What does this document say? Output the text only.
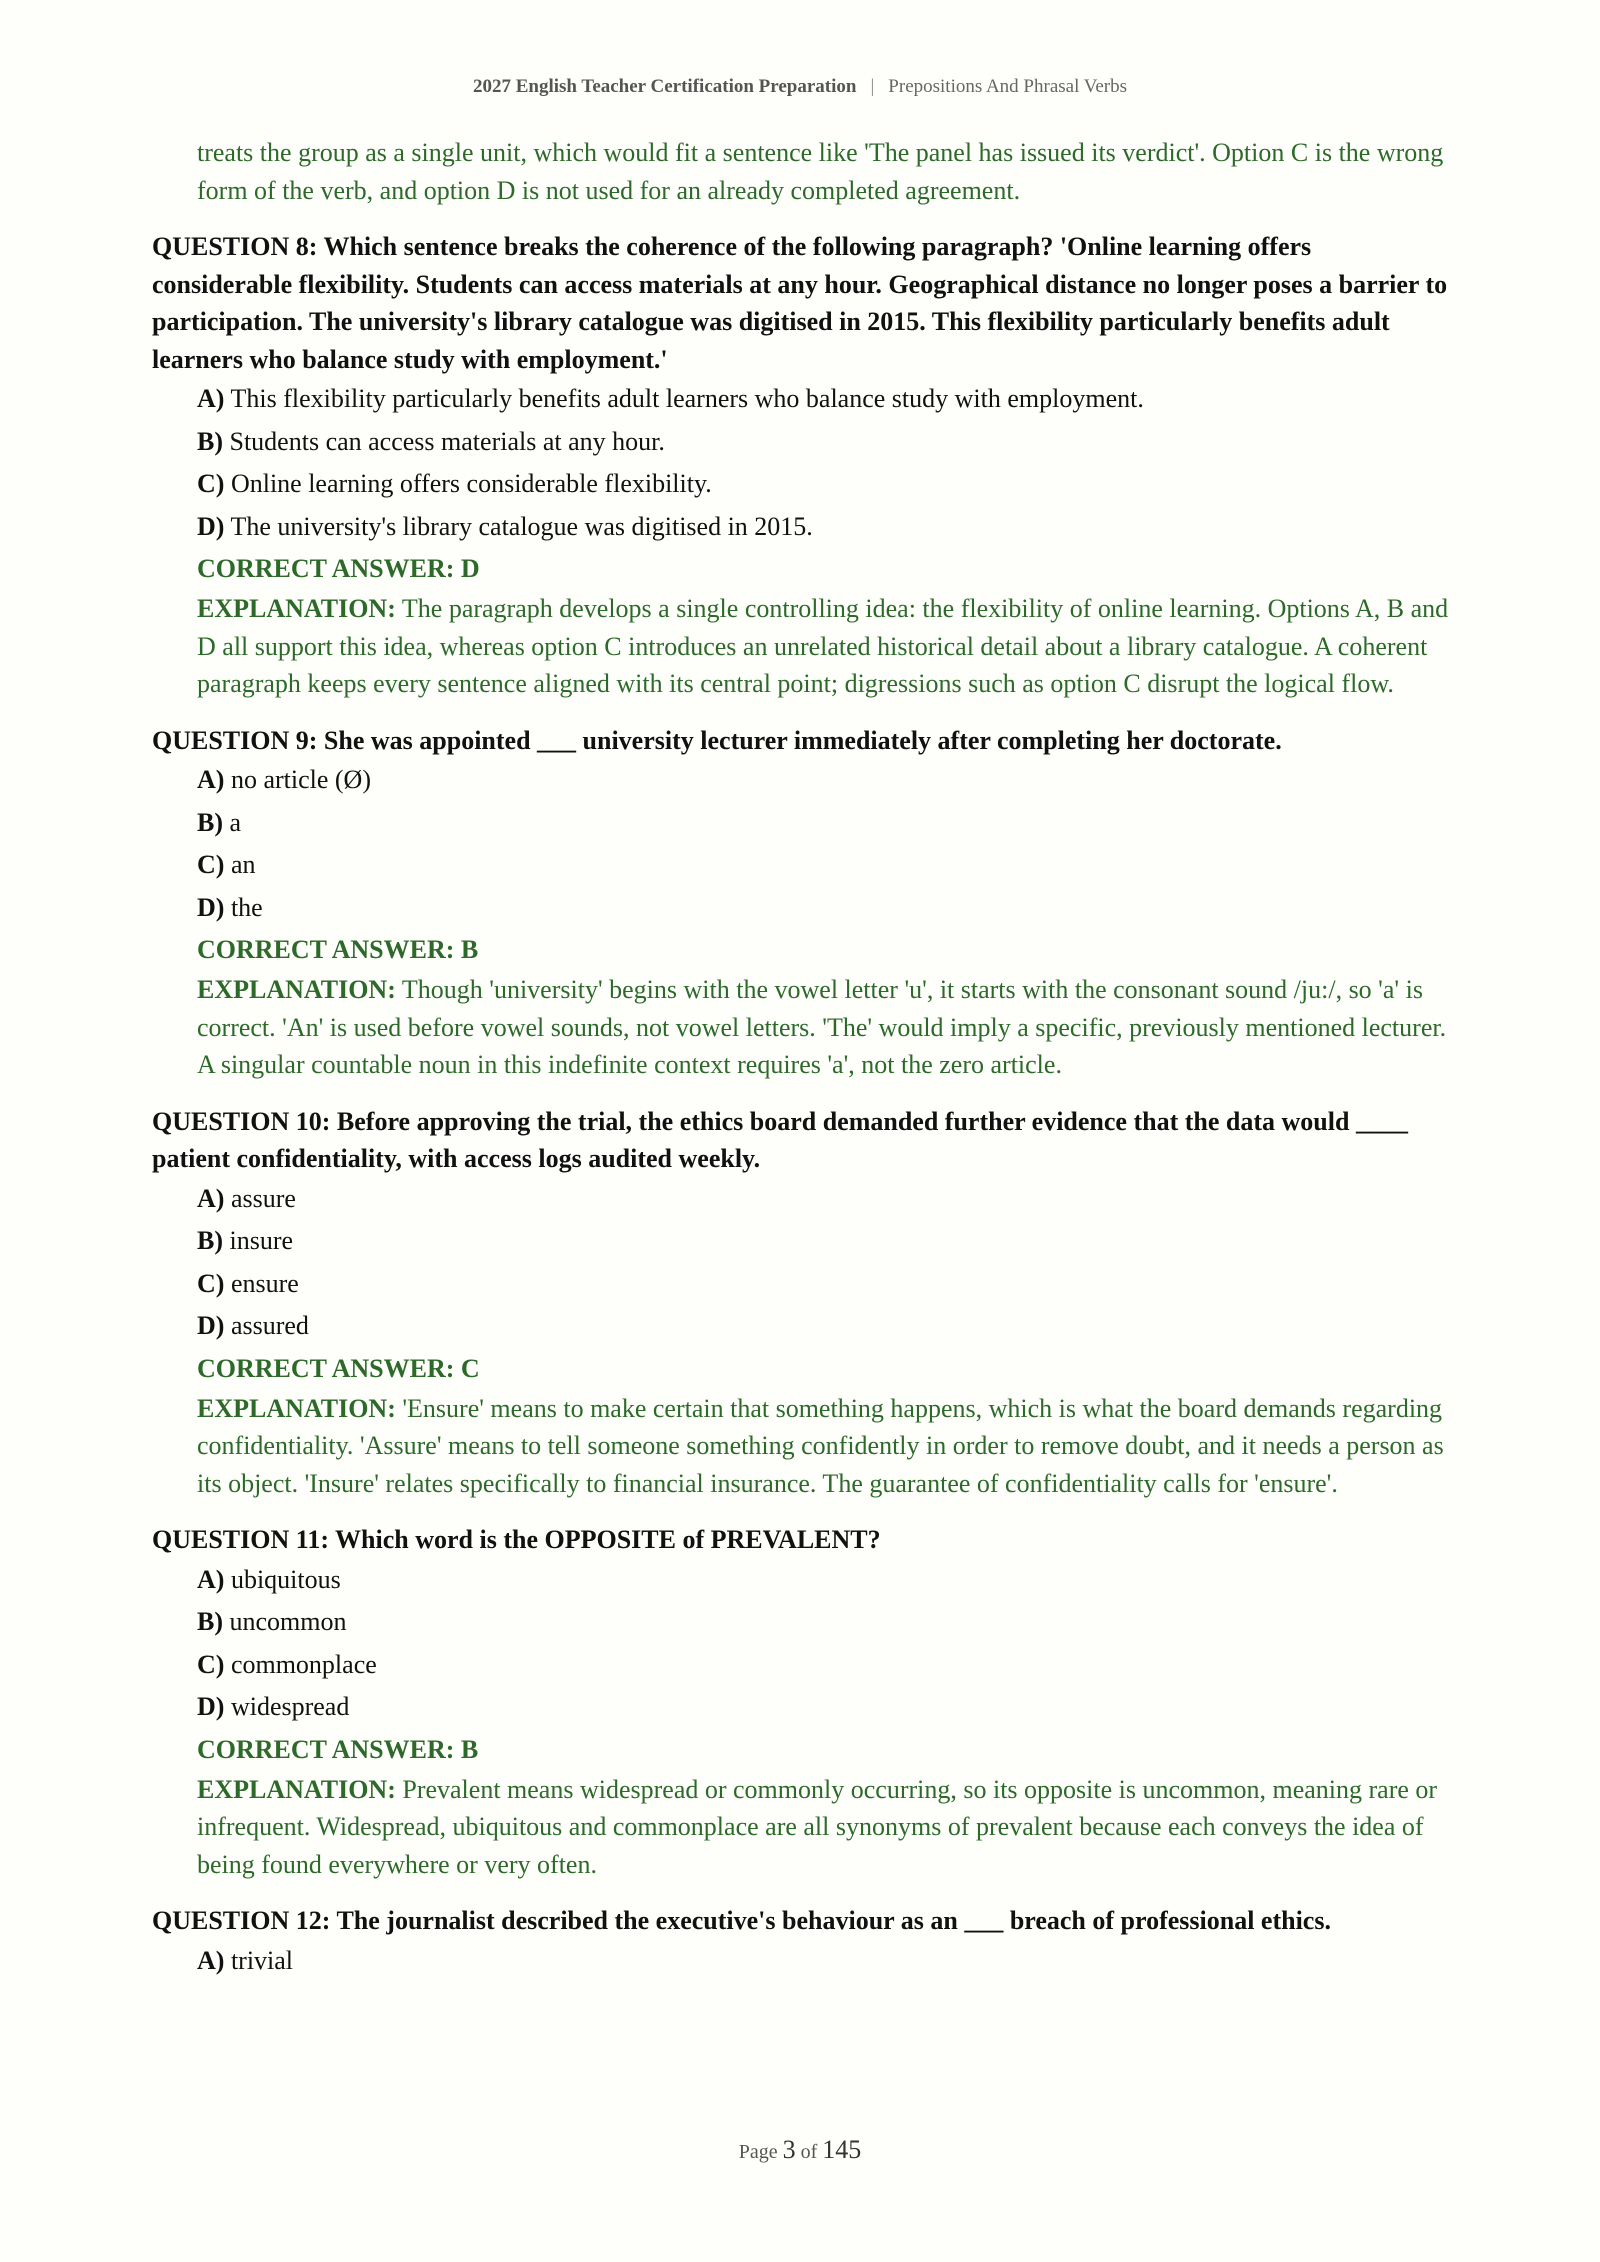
2027 English Teacher Certification Preparation | Prepositions And Phrasal Verbs

treats the group as a single unit, which would fit a sentence like 'The panel has issued its verdict'. Option C is the wrong form of the verb, and option D is not used for an already completed agreement.

QUESTION 8: Which sentence breaks the coherence of the following paragraph? 'Online learning offers considerable flexibility. Students can access materials at any hour. Geographical distance no longer poses a barrier to participation. The university's library catalogue was digitised in 2015. This flexibility particularly benefits adult learners who balance study with employment.'

A) This flexibility particularly benefits adult learners who balance study with employment.
B) Students can access materials at any hour.
C) Online learning offers considerable flexibility.
D) The university's library catalogue was digitised in 2015.

CORRECT ANSWER: D

EXPLANATION: The paragraph develops a single controlling idea: the flexibility of online learning. Options A, B and D all support this idea, whereas option C introduces an unrelated historical detail about a library catalogue. A coherent paragraph keeps every sentence aligned with its central point; digressions such as option C disrupt the logical flow.

QUESTION 9: She was appointed ___ university lecturer immediately after completing her doctorate.

A) no article (Ø)
B) a
C) an
D) the

CORRECT ANSWER: B

EXPLANATION: Though 'university' begins with the vowel letter 'u', it starts with the consonant sound /ju:/, so 'a' is correct. 'An' is used before vowel sounds, not vowel letters. 'The' would imply a specific, previously mentioned lecturer. A singular countable noun in this indefinite context requires 'a', not the zero article.

QUESTION 10: Before approving the trial, the ethics board demanded further evidence that the data would ____ patient confidentiality, with access logs audited weekly.

A) assure
B) insure
C) ensure
D) assured

CORRECT ANSWER: C

EXPLANATION: 'Ensure' means to make certain that something happens, which is what the board demands regarding confidentiality. 'Assure' means to tell someone something confidently in order to remove doubt, and it needs a person as its object. 'Insure' relates specifically to financial insurance. The guarantee of confidentiality calls for 'ensure'.

QUESTION 11: Which word is the OPPOSITE of PREVALENT?

A) ubiquitous
B) uncommon
C) commonplace
D) widespread

CORRECT ANSWER: B

EXPLANATION: Prevalent means widespread or commonly occurring, so its opposite is uncommon, meaning rare or infrequent. Widespread, ubiquitous and commonplace are all synonyms of prevalent because each conveys the idea of being found everywhere or very often.

QUESTION 12: The journalist described the executive's behaviour as an ___ breach of professional ethics.

A) trivial
Page 3 of 145
